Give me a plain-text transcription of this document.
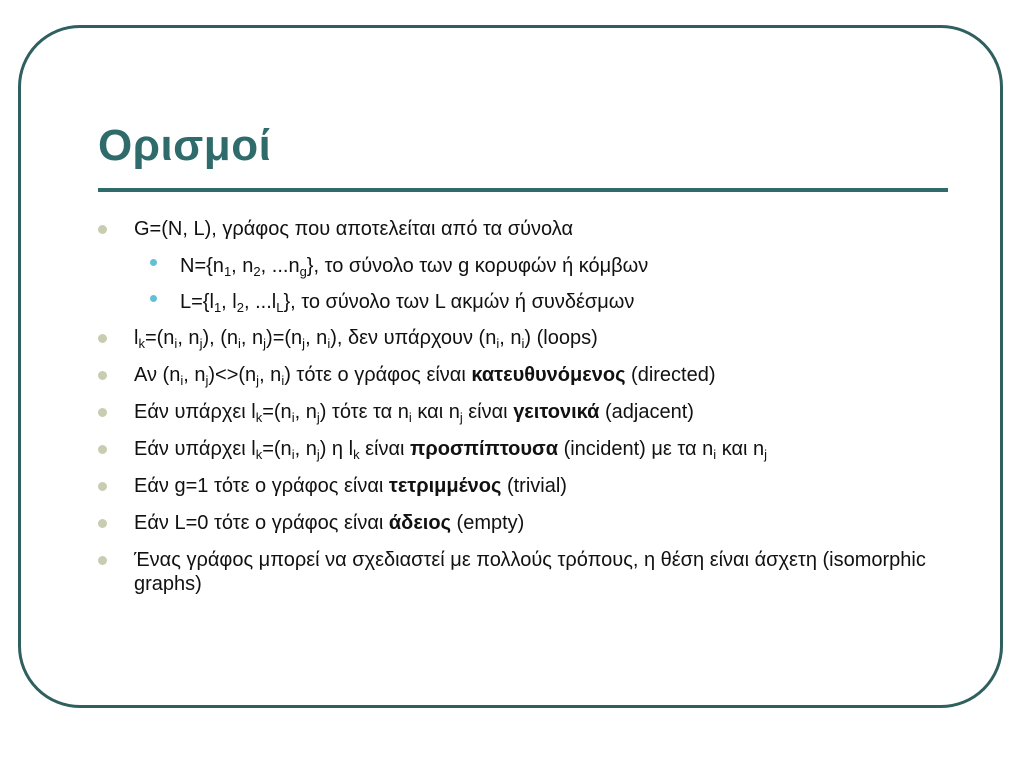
Ορισμοί
G=(N, L), γράφος που αποτελείται από τα σύνολα
$N=\{n_1$, $n_2$, $...n_g$}, το σύνολο των g κορυφών ή κόμβων
$L=\{l_1$, $l_2$, $...l_L$}, το σύνολο των L ακμών ή συνδέσμων
$l_k=(n_i$, $n_j$), ($n_i$, $n_j)=(n_j$, $n_i$), δεν υπάρχουν ($n_i$, $n_i$) (loops)
Αν ($n_i$, $n_j)<>(n_j$, $n_i$) τότε ο γράφος είναι κατευθυνόμενος (directed)
Εάν υπάρχει $l_k=(n_i$, $n_j$) τότε τα $n_i$ και $n_j$ είναι γειτονικά (adjacent)
Εάν υπάρχει $l_k=(n_i$, $n_j$) η $l_k$ είναι προσπίπτουσα (incident) με τα $n_i$ και $n_j$
Εάν g=1 τότε ο γράφος είναι τετριμμένος (trivial)
Εάν L=0 τότε ο γράφος είναι άδειος (empty)
Ένας γράφος μπορεί να σχεδιαστεί με πολλούς τρόπους, η θέση είναι άσχετη (isomorphic graphs)
